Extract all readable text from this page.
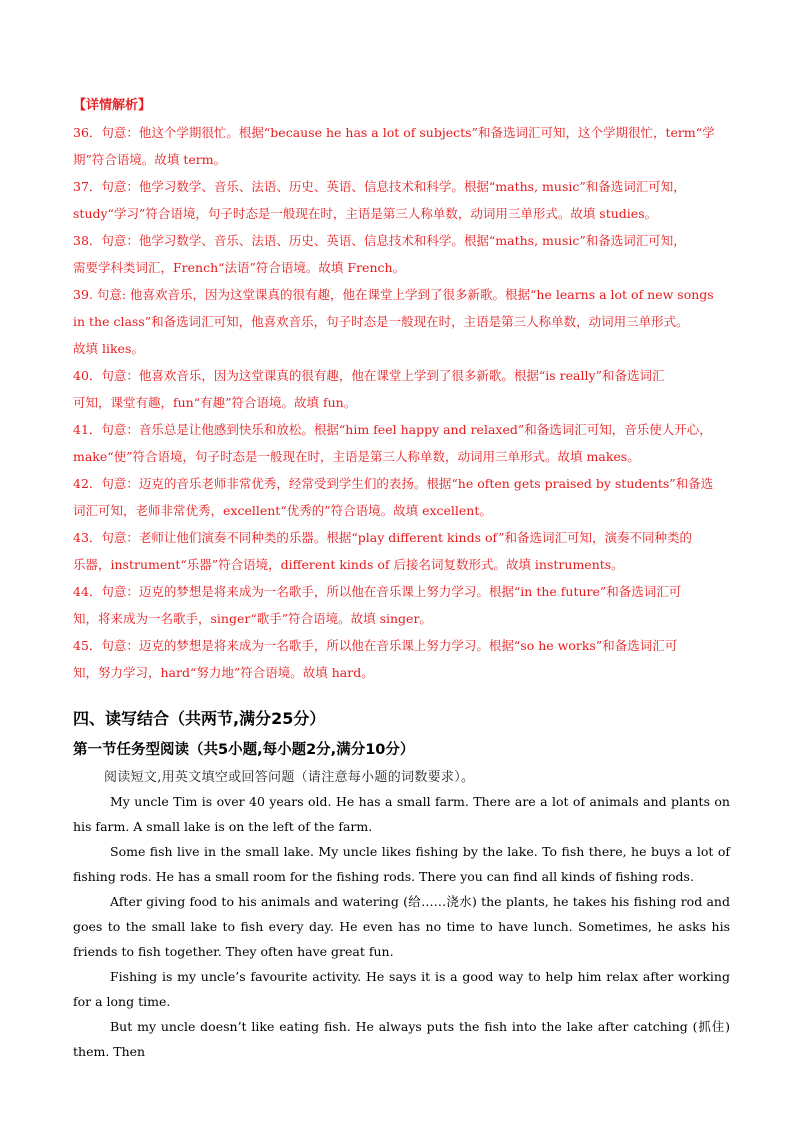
【详情解析】

36．句意：他这个学期很忙。根据“because he has a lot of subjects”和备选词汇可知，这个学期很忙，term“学

期”符合语境。故填 term。

37．句意：他学习数学、音乐、法语、历史、英语、信息技术和科学。根据“maths, music”和备选词汇可知，

study“学习”符合语境，句子时态是一般现在时，主语是第三人称单数，动词用三单形式。故填 studies。

38．句意：他学习数学、音乐、法语、历史、英语、信息技术和科学。根据“maths, music”和备选词汇可知，

需要学科类词汇，French“法语”符合语境。故填 French。

39. 句意: 他喜欢音乐，因为这堂课真的很有趣，他在课堂上学到了很多新歌。根据“he learns a lot of new songs

in the class”和备选词汇可知，他喜欢音乐，句子时态是一般现在时，主语是第三人称单数，动词用三单形式。

故填 likes。

40．句意：他喜欢音乐，因为这堂课真的很有趣，他在课堂上学到了很多新歌。根据“is really”和备选词汇

可知，课堂有趣，fun“有趣”符合语境。故填 fun。

41．句意：音乐总是让他感到快乐和放松。根据“him feel happy and relaxed”和备选词汇可知，音乐使人开心，

make“使”符合语境，句子时态是一般现在时，主语是第三人称单数，动词用三单形式。故填 makes。

42．句意：迈克的音乐老师非常优秀，经常受到学生们的表扬。根据“he often gets praised by students”和备选

词汇可知，老师非常优秀，excellent“优秀的”符合语境。故填 excellent。

43．句意：老师让他们演奏不同种类的乐器。根据“play different kinds of”和备选词汇可知，演奏不同种类的

乐器，instrument“乐器”符合语境，different kinds of 后接名词复数形式。故填 instruments。

44．句意：迈克的梦想是将来成为一名歌手，所以他在音乐课上努力学习。根据“in the future”和备选词汇可

知，将来成为一名歌手，singer“歌手”符合语境。故填 singer。

45．句意：迈克的梦想是将来成为一名歌手，所以他在音乐课上努力学习。根据“so he works”和备选词汇可

知，努力学习，hard“努力地”符合语境。故填 hard。

四、读写结合（共两节,满分25分）
第一节任务型阅读（共5小题,每小题2分,满分10分）
阅读短文,用英文填空或回答问题（请注意每小题的词数要求）。

My uncle Tim is over 40 years old. He has a small farm. There are a lot of animals and plants on his farm. A small lake is on the left of the farm.

Some fish live in the small lake. My uncle likes fishing by the lake. To fish there, he buys a lot of fishing rods. He has a small room for the fishing rods. There you can find all kinds of fishing rods.

After giving food to his animals and watering (给……浇水) the plants, he takes his fishing rod and goes to the small lake to fish every day. He even has no time to have lunch. Sometimes, he asks his friends to fish together. They often have great fun.

Fishing is my uncle’s favourite activity. He says it is a good way to help him relax after working for a long time.

But my uncle doesn’t like eating fish. He always puts the fish into the lake after catching (抓住) them. Then
